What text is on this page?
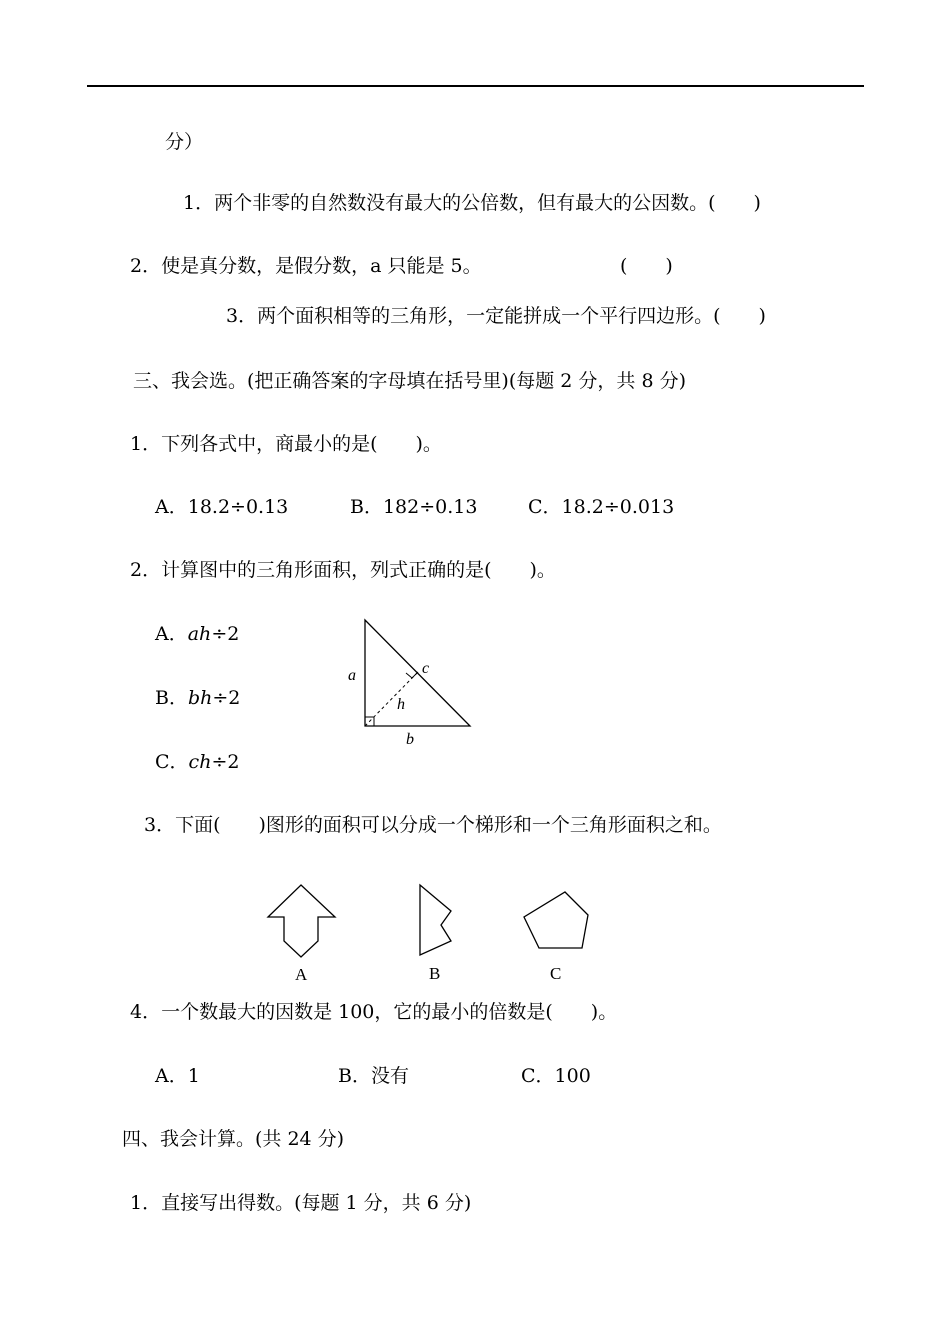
分）
1．两个非零的自然数没有最大的公倍数，但有最大的公因数。(　　)
2．使是真分数，是假分数，a 只能是 5。	(　　)
3．两个面积相等的三角形，一定能拼成一个平行四边形。(　　)
三、我会选。(把正确答案的字母填在括号里)(每题 2 分，共 8 分)
1．下列各式中，商最小的是(　　)。
A．18.2÷0.13	B．182÷0.13	C．18.2÷0.013
2．计算图中的三角形面积，列式正确的是(　　)。
A．ah÷2
B．bh÷2
C．ch÷2
a
b
c
h
3．下面(　　)图形的面积可以分成一个梯形和一个三角形面积之和。
A	B	C
4．一个数最大的因数是 100，它的最小的倍数是(　　)。
A．1	B．没有	C．100
四、我会计算。(共 24 分)
1．直接写出得数。(每题 1 分，共 6 分)
